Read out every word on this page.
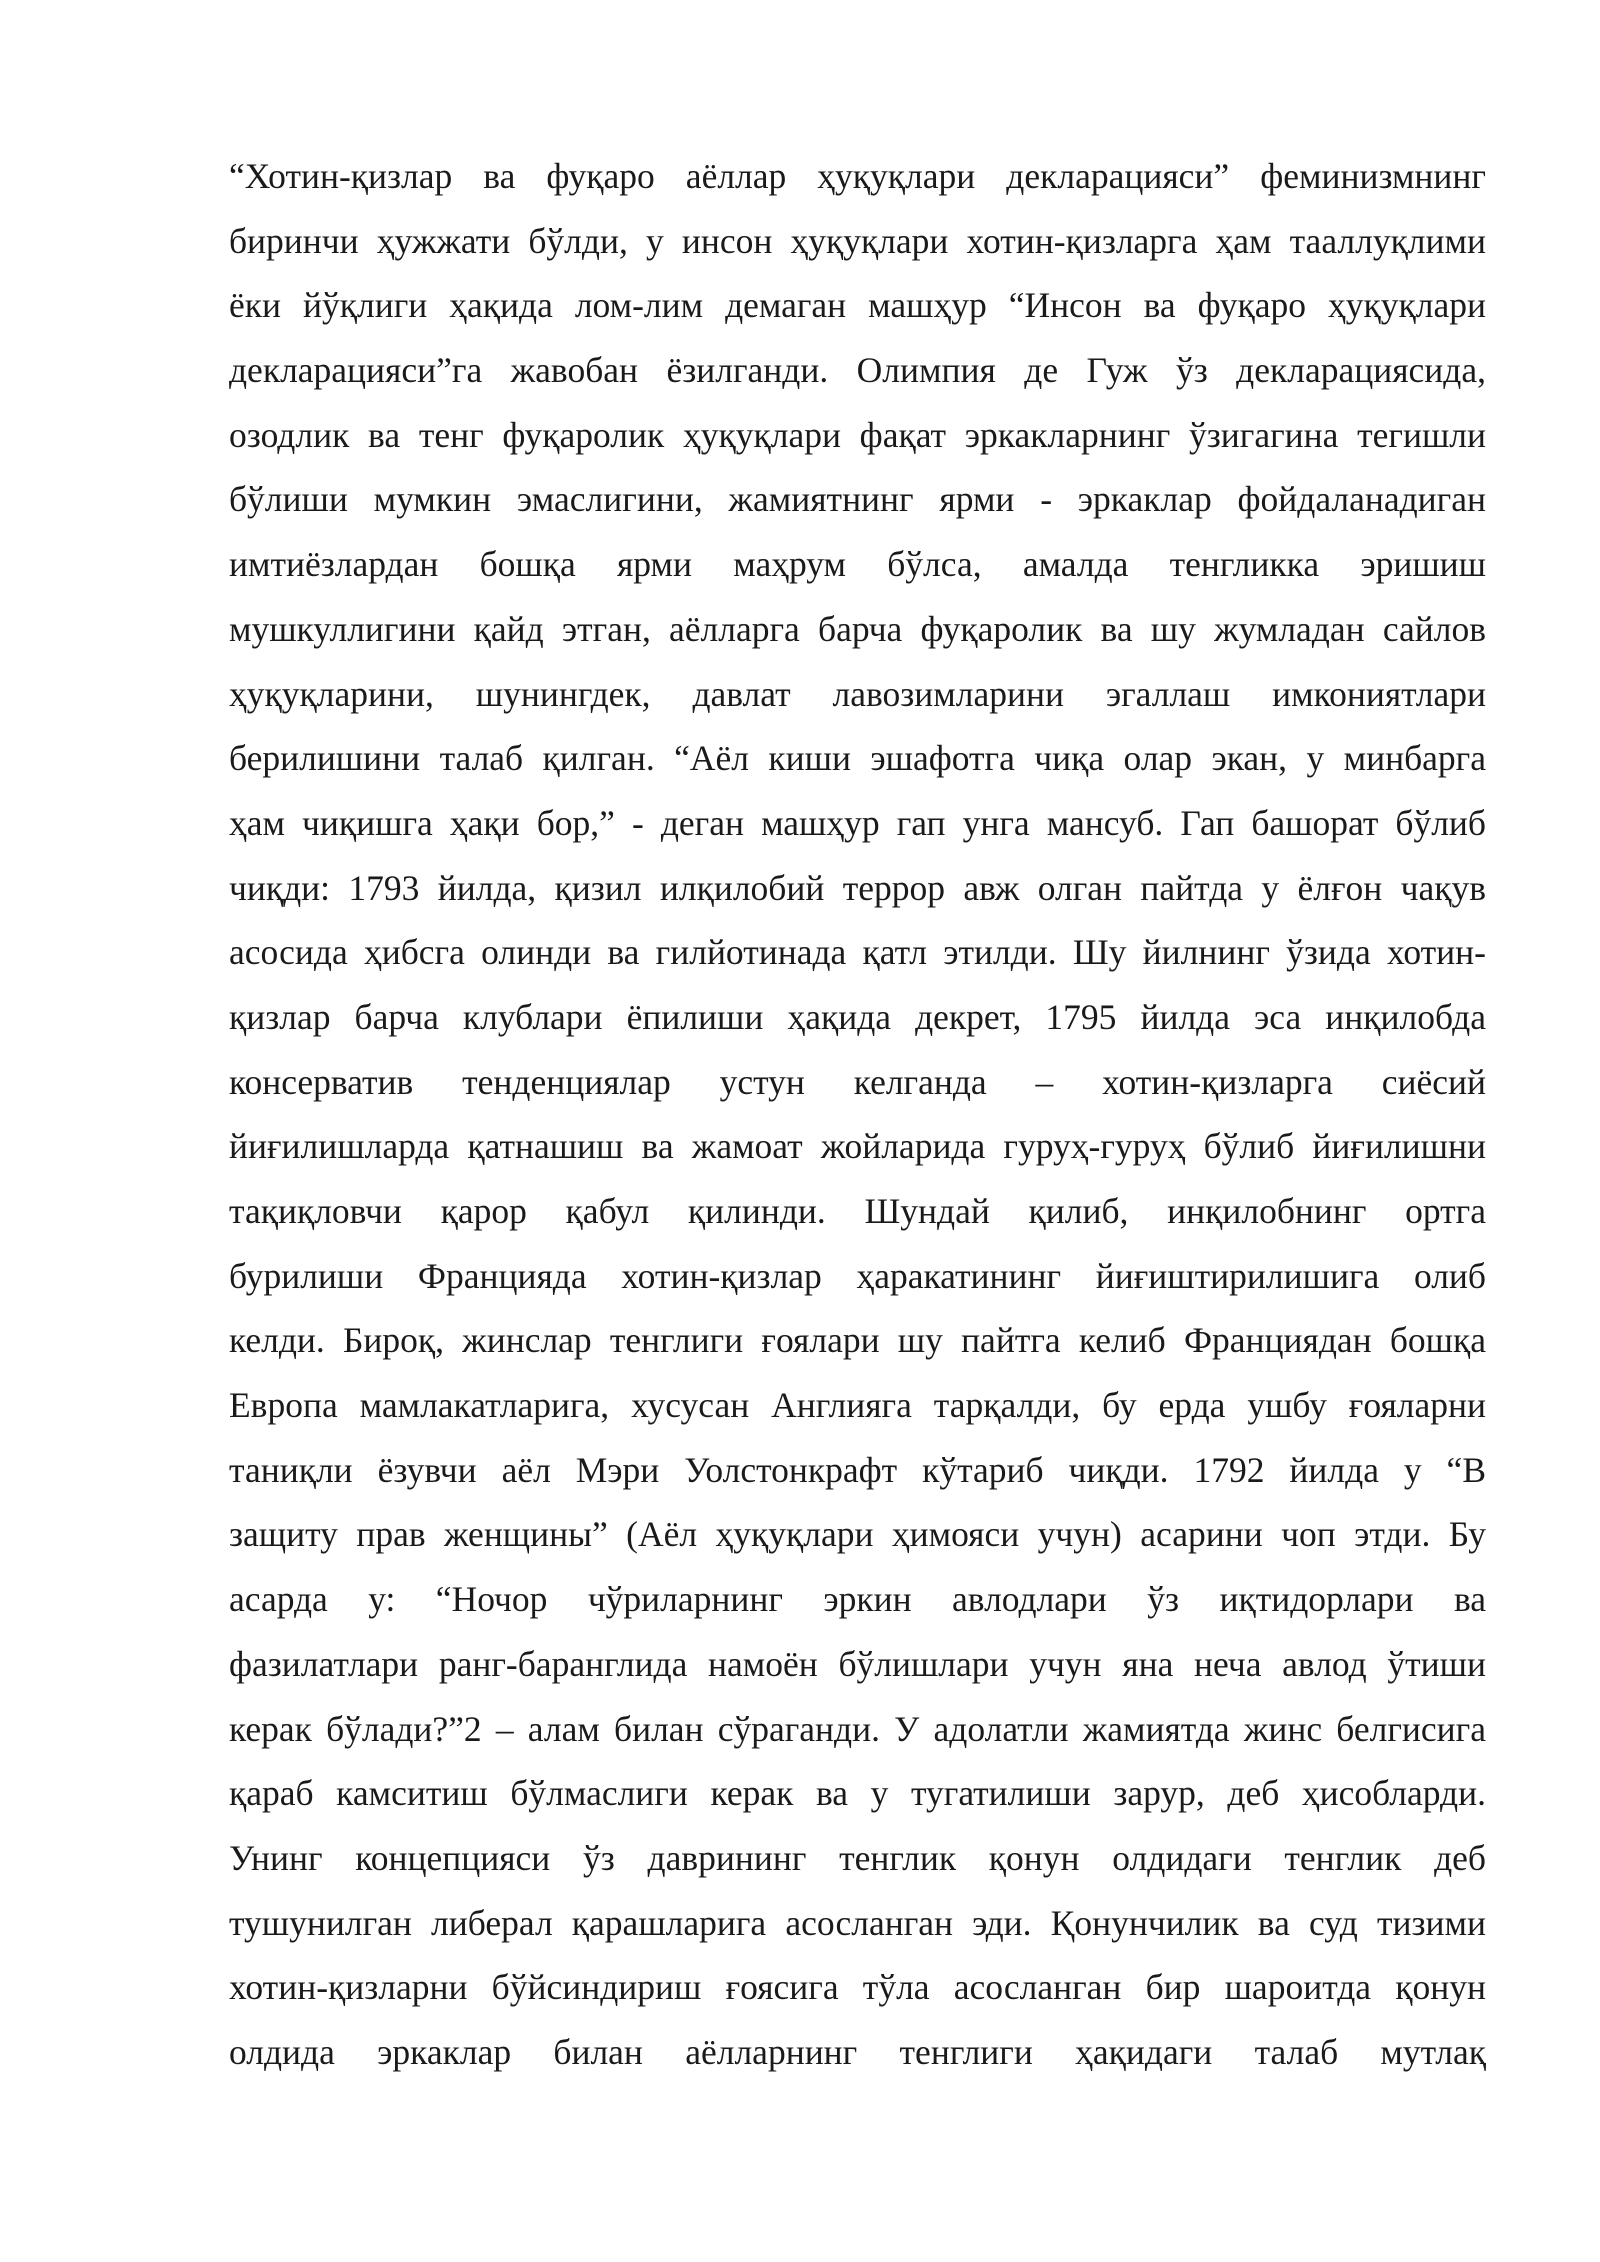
“Хотин-қизлар ва фуқаро аёллар ҳуқуқлари декларацияси” феминизмнинг
биринчи ҳужжати бўлди, у инсон ҳуқуқлари хотин-қизларга ҳам тааллуқлими
ёки йўқлиги ҳақида лом-лим демаган машҳур “Инсон ва фуқаро ҳуқуқлари
декларацияси”га жавобан ёзилганди. Олимпия де Гуж ўз декларациясида,
озодлик ва тенг фуқаролик ҳуқуқлари фақат эркакларнинг ўзигагина тегишли
бўлиши мумкин эмаслигини, жамиятнинг ярми - эркаклар фойдаланадиган
имтиёзлардан бошқа ярми маҳрум бўлса, амалда тенгликка эришиш
мушкуллигини қайд этган, аёлларга барча фуқаролик ва шу жумладан сайлов
ҳуқуқларини, шунингдек, давлат лавозимларини эгаллаш имкониятлари
берилишини талаб қилган. “Аёл киши эшафотга чиқа олар экан, у минбарга
ҳам чиқишга ҳақи бор,” - деган машҳур гап унга мансуб. Гап башорат бўлиб
чиқди: 1793 йилда, қизил илқилобий террор авж олган пайтда у ёлғон чақув
асосида ҳибсга олинди ва гилйотинада қатл этилди. Шу йилнинг ўзида хотин-
қизлар барча клублари ёпилиши ҳақида декрет, 1795 йилда эса инқилобда
консерватив тенденциялар устун келганда – хотин-қизларга сиёсий
йиғилишларда қатнашиш ва жамоат жойларида гуруҳ-гуруҳ бўлиб йиғилишни
тақиқловчи қарор қабул қилинди. Шундай қилиб, инқилобнинг ортга
бурилиши Францияда хотин-қизлар ҳаракатининг йиғиштирилишига олиб
келди. Бироқ, жинслар тенглиги ғоялари шу пайтга келиб Франциядан бошқа
Европа мамлакатларига, хусусан Англияга тарқалди, бу ерда ушбу ғояларни
таниқли ёзувчи аёл Мэри Уолстонкрафт кўтариб чиқди. 1792 йилда у “В
защиту прав женщины” (Аёл ҳуқуқлари ҳимояси учун) асарини чоп этди. Бу
асарда у: “Ночор чўриларнинг эркин авлодлари ўз иқтидорлари ва
фазилатлари ранг-баранглида намоён бўлишлари учун яна неча авлод ўтиши
керак бўлади?”2 – алам билан сўраганди. У адолатли жамиятда жинс белгисига
қараб камситиш бўлмаслиги керак ва у тугатилиши зарур, деб ҳисобларди.
Унинг концепцияси ўз даврининг тенглик қонун олдидаги тенглик деб
тушунилган либерал қарашларига асосланган эди. Қонунчилик ва суд тизими
хотин-қизларни бўйсиндириш ғоясига тўла асосланган бир шароитда қонун
олдида эркаклар билан аёлларнинг тенглиги ҳақидаги талаб мутлақ
